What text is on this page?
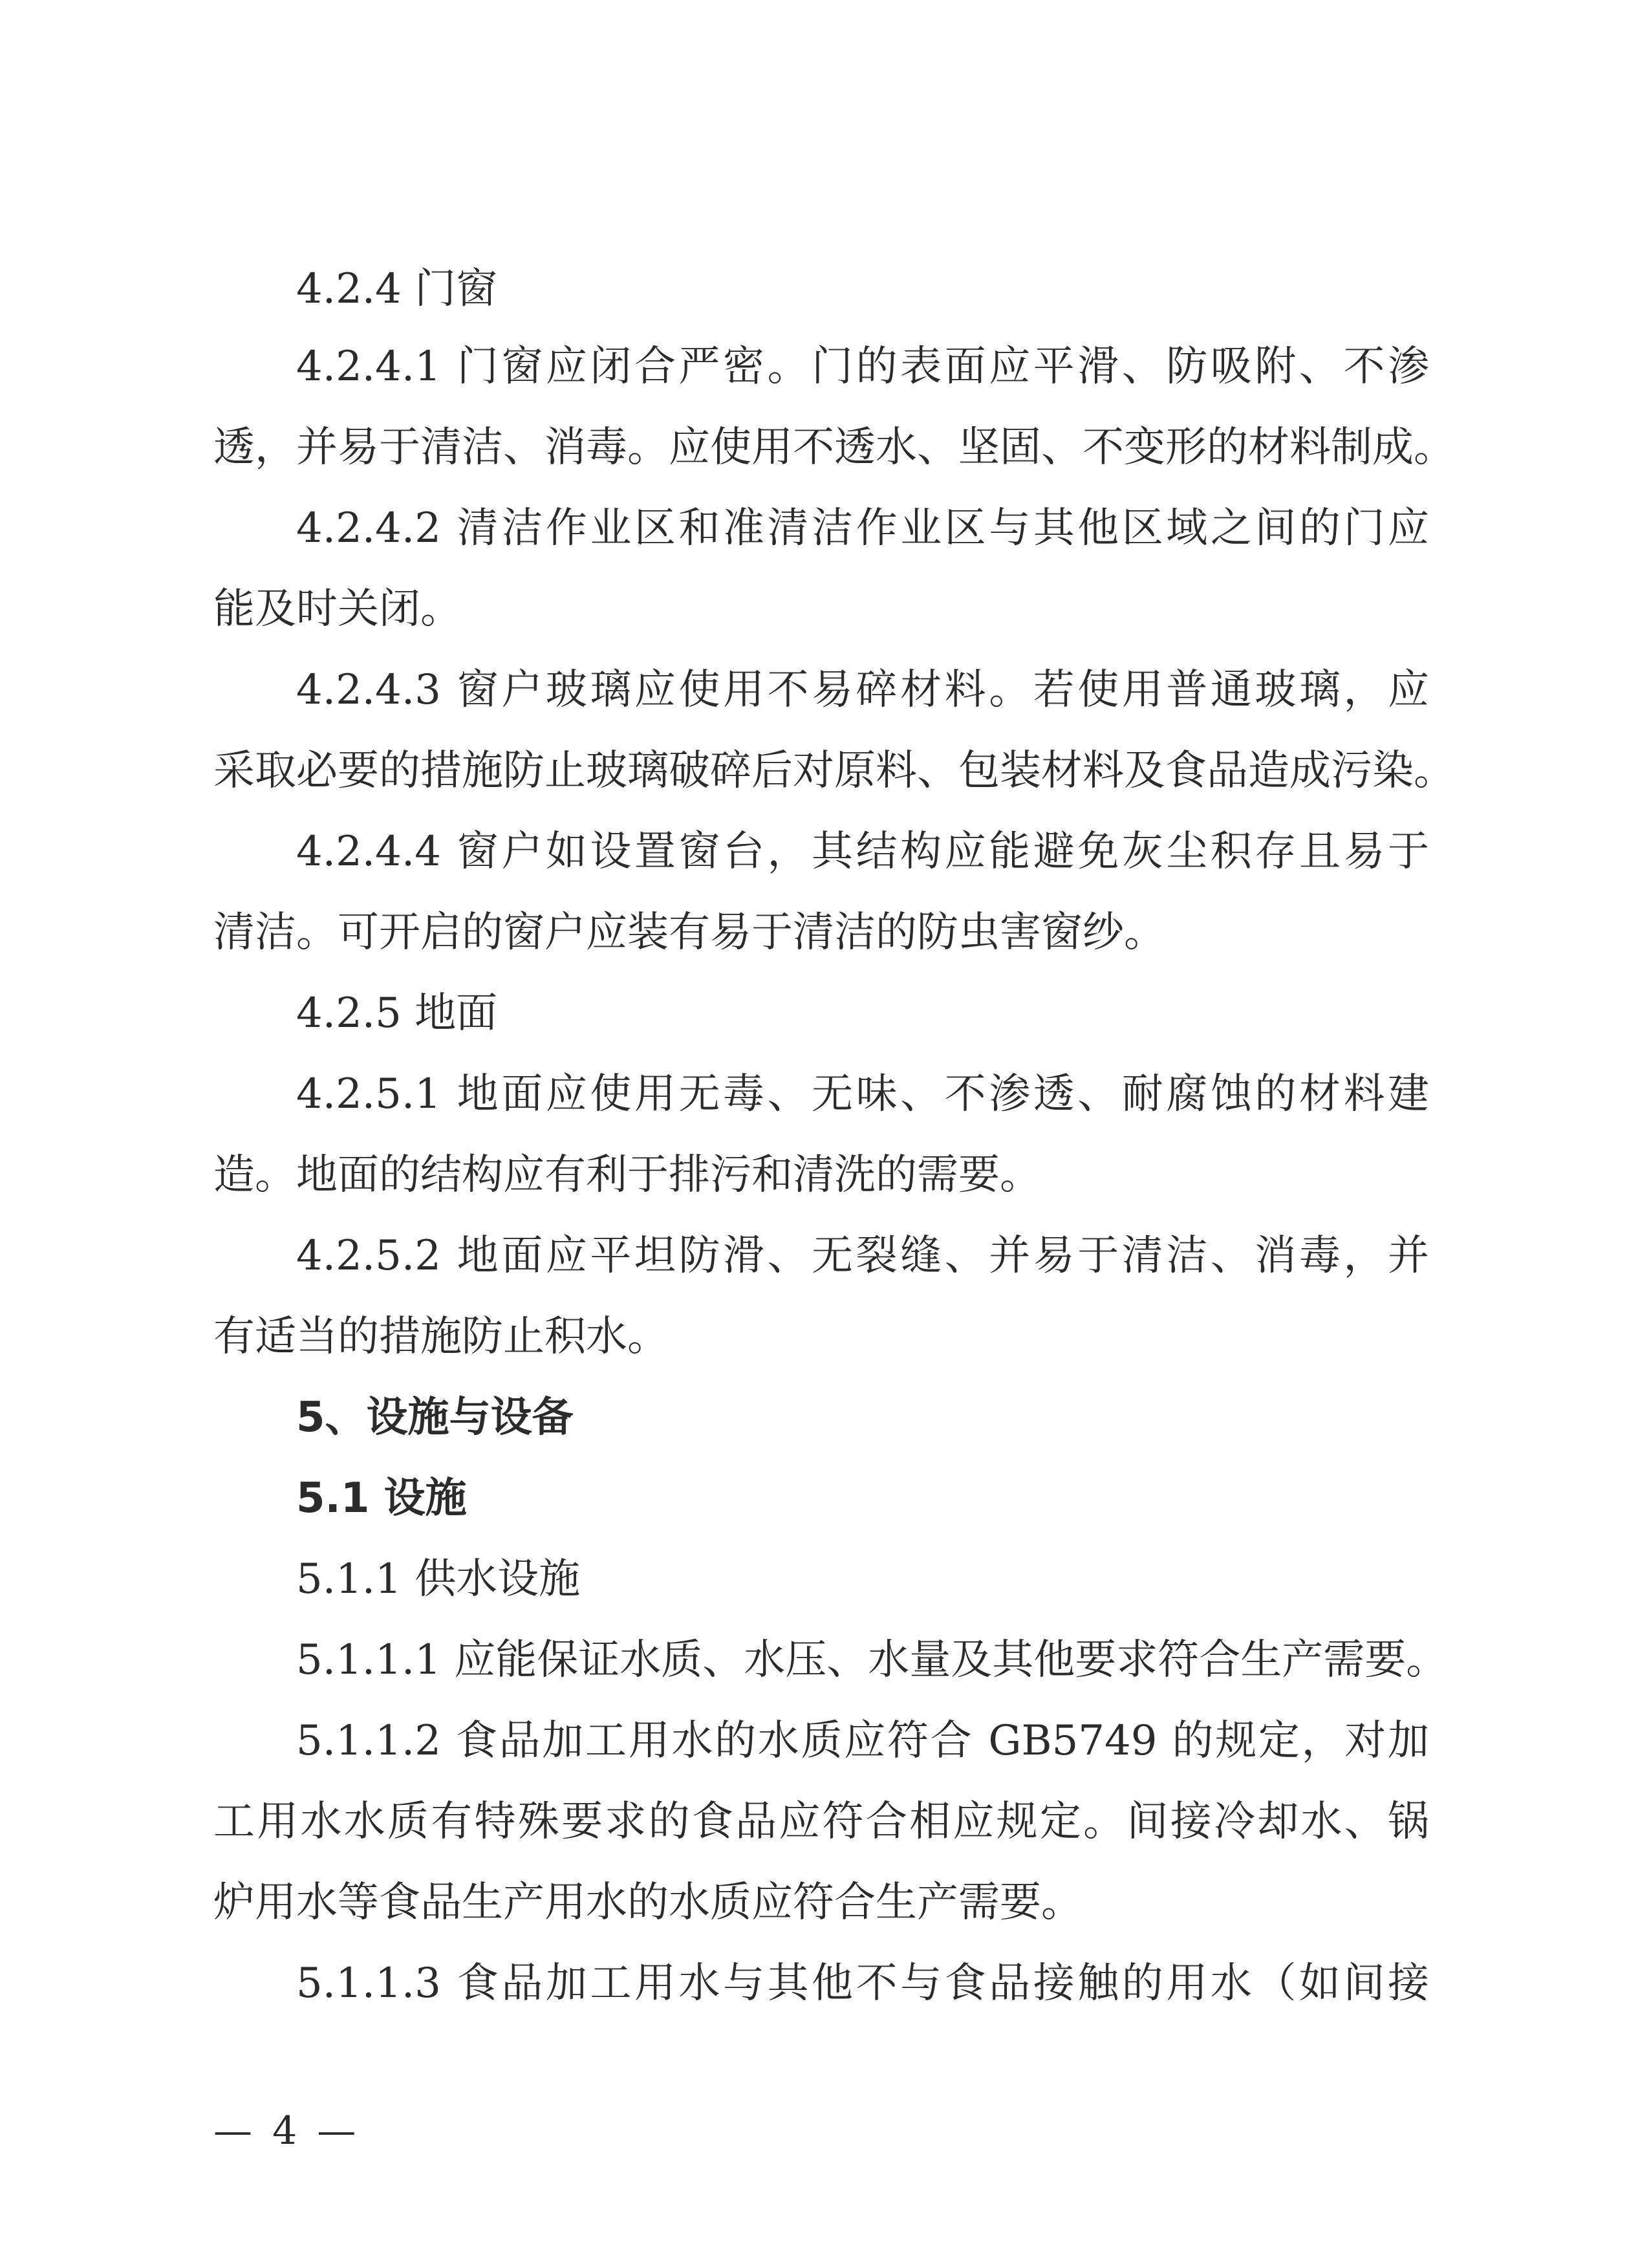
4.2.4 门窗
4.2.4.1 门窗应闭合严密。门的表面应平滑、防吸附、不渗
透，并易于清洁、消毒。应使用不透水、坚固、不变形的材料制成。
4.2.4.2 清洁作业区和准清洁作业区与其他区域之间的门应
能及时关闭。
4.2.4.3 窗户玻璃应使用不易碎材料。若使用普通玻璃，应
采取必要的措施防止玻璃破碎后对原料、包装材料及食品造成污染。
4.2.4.4 窗户如设置窗台，其结构应能避免灰尘积存且易于
清洁。可开启的窗户应装有易于清洁的防虫害窗纱。
4.2.5 地面
4.2.5.1 地面应使用无毒、无味、不渗透、耐腐蚀的材料建
造。地面的结构应有利于排污和清洗的需要。
4.2.5.2 地面应平坦防滑、无裂缝、并易于清洁、消毒，并
有适当的措施防止积水。
5、设施与设备
5.1 设施
5.1.1 供水设施
5.1.1.1 应能保证水质、水压、水量及其他要求符合生产需要。
5.1.1.2 食品加工用水的水质应符合 GB5749 的规定，对加
工用水水质有特殊要求的食品应符合相应规定。间接冷却水、锅
炉用水等食品生产用水的水质应符合生产需要。
5.1.1.3 食品加工用水与其他不与食品接触的用水（如间接
— 4 —
